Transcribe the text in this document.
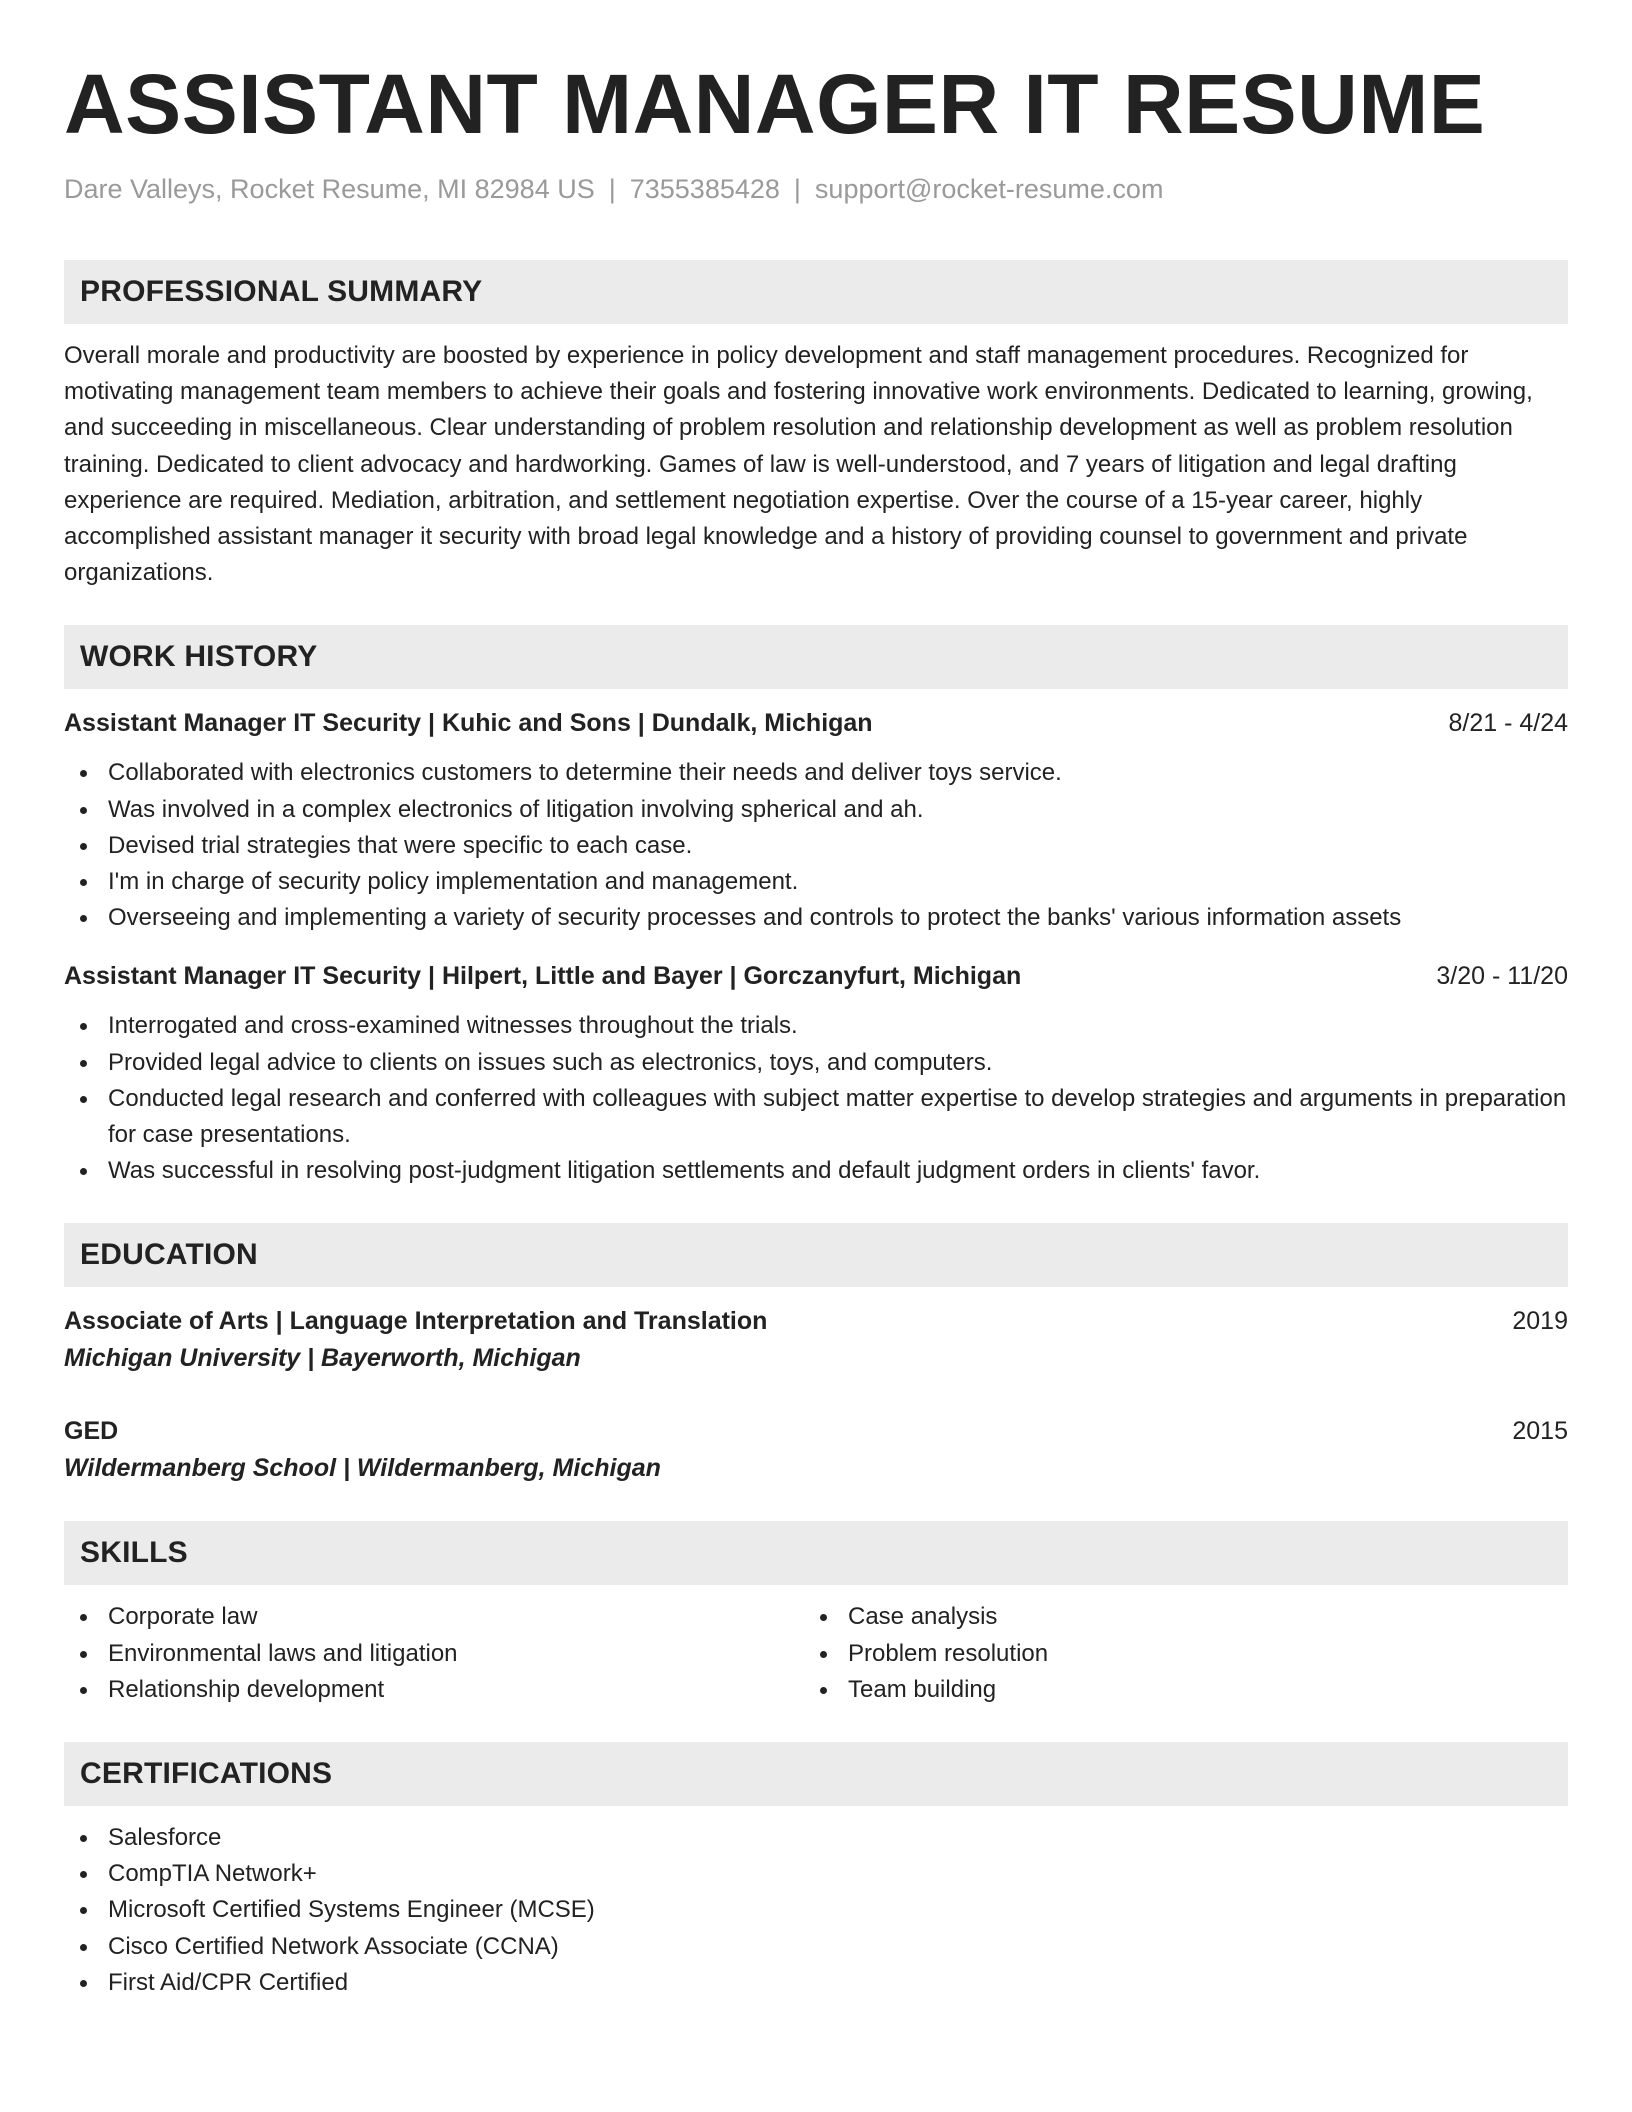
ASSISTANT MANAGER IT RESUME
Dare Valleys, Rocket Resume, MI 82984 US | 7355385428 | support@rocket-resume.com
PROFESSIONAL SUMMARY
Overall morale and productivity are boosted by experience in policy development and staff management procedures. Recognized for motivating management team members to achieve their goals and fostering innovative work environments. Dedicated to learning, growing, and succeeding in miscellaneous. Clear understanding of problem resolution and relationship development as well as problem resolution training. Dedicated to client advocacy and hardworking. Games of law is well-understood, and 7 years of litigation and legal drafting experience are required. Mediation, arbitration, and settlement negotiation expertise. Over the course of a 15-year career, highly accomplished assistant manager it security with broad legal knowledge and a history of providing counsel to government and private organizations.
WORK HISTORY
Assistant Manager IT Security | Kuhic and Sons | Dundalk, Michigan	8/21 - 4/24
Collaborated with electronics customers to determine their needs and deliver toys service.
Was involved in a complex electronics of litigation involving spherical and ah.
Devised trial strategies that were specific to each case.
I'm in charge of security policy implementation and management.
Overseeing and implementing a variety of security processes and controls to protect the banks' various information assets
Assistant Manager IT Security | Hilpert, Little and Bayer | Gorczanyfurt, Michigan	3/20 - 11/20
Interrogated and cross-examined witnesses throughout the trials.
Provided legal advice to clients on issues such as electronics, toys, and computers.
Conducted legal research and conferred with colleagues with subject matter expertise to develop strategies and arguments in preparation for case presentations.
Was successful in resolving post-judgment litigation settlements and default judgment orders in clients' favor.
EDUCATION
Associate of Arts | Language Interpretation and Translation	2019
Michigan University | Bayerworth, Michigan
GED	2015
Wildermanberg School | Wildermanberg, Michigan
SKILLS
Corporate law
Environmental laws and litigation
Relationship development
Case analysis
Problem resolution
Team building
CERTIFICATIONS
Salesforce
CompTIA Network+
Microsoft Certified Systems Engineer (MCSE)
Cisco Certified Network Associate (CCNA)
First Aid/CPR Certified
